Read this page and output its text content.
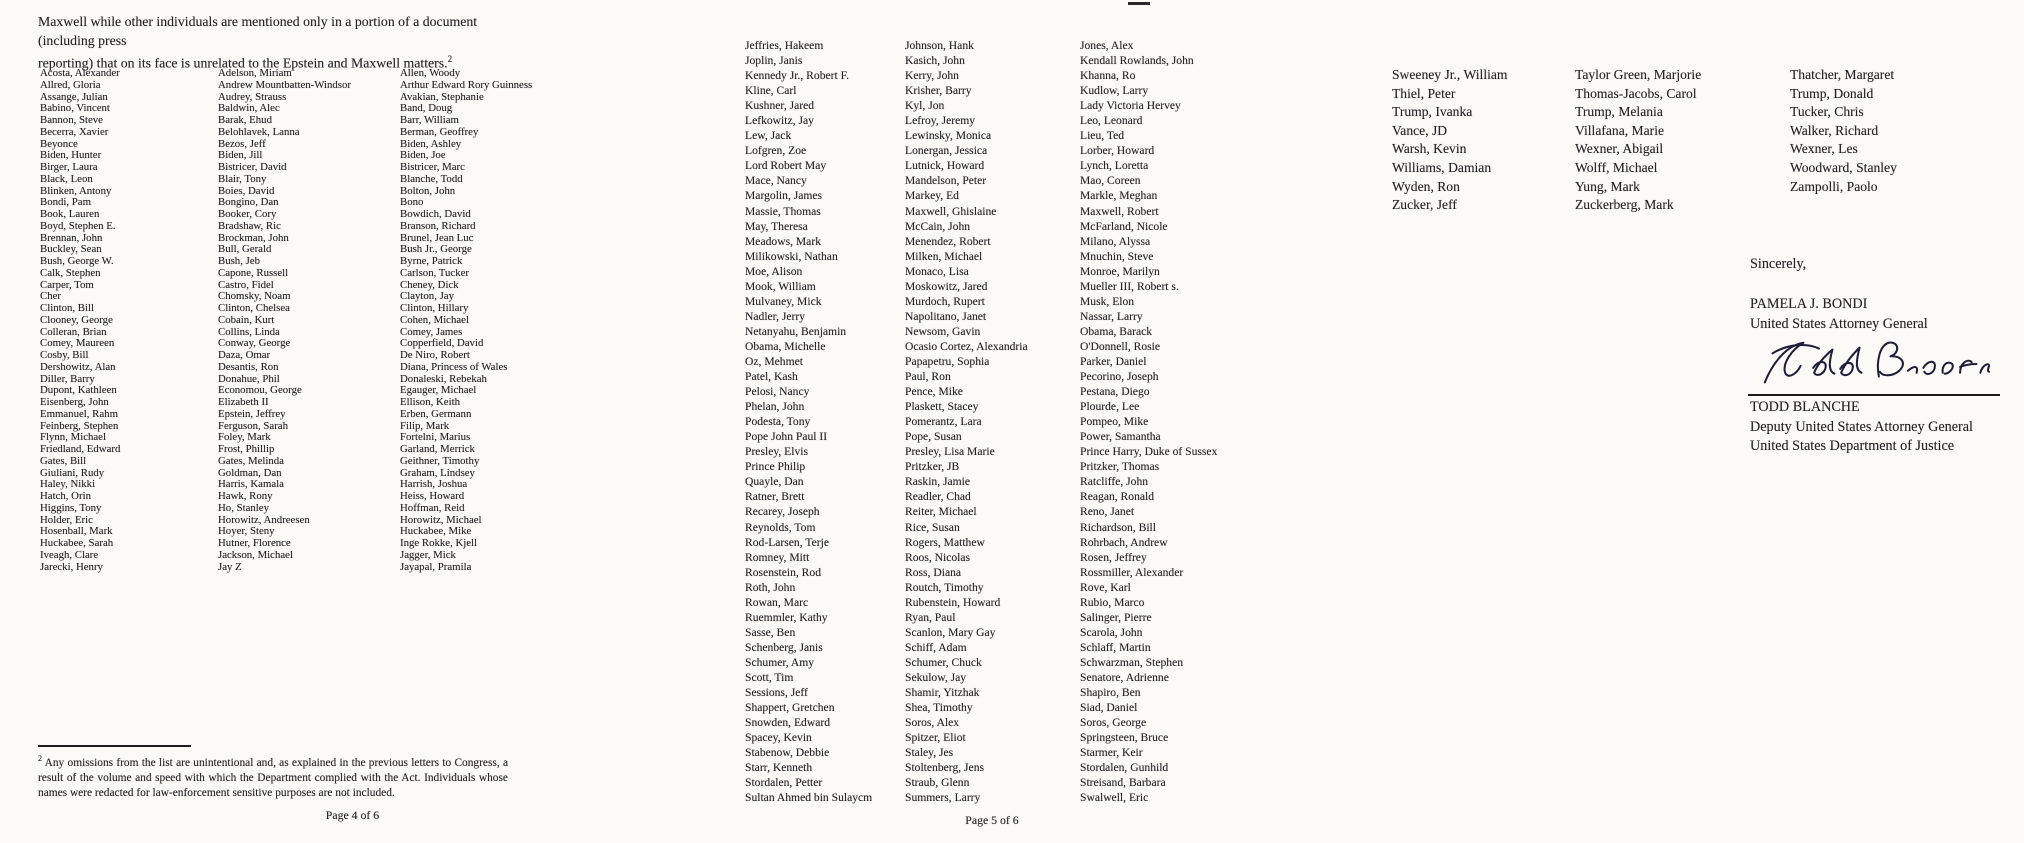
Maxwell while other individuals are mentioned only in a portion of a document (including press
reporting) that on its face is unrelated to the Epstein and Maxwell matters.$^2$
Acosta, Alexander
Allred, Gloria
Assange, Julian
Babino, Vincent
Bannon, Steve
Becerra, Xavier
Beyonce
Biden, Hunter
Birger, Laura
Black, Leon
Blinken, Antony
Bondi, Pam
Book, Lauren
Boyd, Stephen E.
Brennan, John
Buckley, Sean
Bush, George W.
Calk, Stephen
Carper, Tom
Cher
Clinton, Bill
Clooney, George
Colleran, Brian
Comey, Maureen
Cosby, Bill
Dershowitz, Alan
Diller, Barry
Dupont, Kathleen
Eisenberg, John
Emmanuel, Rahm
Feinberg, Stephen
Flynn, Michael
Friedland, Edward
Gates, Bill
Giuliani, Rudy
Haley, Nikki
Hatch, Orin
Higgins, Tony
Holder, Eric
Hosenball, Mark
Huckabee, Sarah
Iveagh, Clare
Jarecki, Henry
Adelson, Miriam
Andrew Mountbatten-Windsor
Audrey, Strauss
Baldwin, Alec
Barak, Ehud
Belohlavek, Lanna
Bezos, Jeff
Biden, Jill
Bistricer, David
Blair, Tony
Boies, David
Bongino, Dan
Booker, Cory
Bradshaw, Ric
Brockman, John
Bull, Gerald
Bush, Jeb
Capone, Russell
Castro, Fidel
Chomsky, Noam
Clinton, Chelsea
Cobain, Kurt
Collins, Linda
Conway, George
Daza, Omar
Desantis, Ron
Donahue, Phil
Economou, George
Elizabeth II
Epstein, Jeffrey
Ferguson, Sarah
Foley, Mark
Frost, Phillip
Gates, Melinda
Goldman, Dan
Harris, Kamala
Hawk, Rony
Ho, Stanley
Horowitz, Andreesen
Hoyer, Steny
Hutner, Florence
Jackson, Michael
Jay Z
Allen, Woody
Arthur Edward Rory Guinness
Avakian, Stephanie
Band, Doug
Barr, William
Berman, Geoffrey
Biden, Ashley
Biden, Joe
Bistricer, Marc
Blanche, Todd
Bolton, John
Bono
Bowdich, David
Branson, Richard
Brunel, Jean Luc
Bush Jr., George
Byrne, Patrick
Carlson, Tucker
Cheney, Dick
Clayton, Jay
Clinton, Hillary
Cohen, Michael
Comey, James
Copperfield, David
De Niro, Robert
Diana, Princess of Wales
Donaleski, Rebekah
Egauger, Michael
Ellison, Keith
Erben, Germann
Filip, Mark
Fortelni, Marius
Garland, Merrick
Geithner, Timothy
Graham, Lindsey
Harrish, Joshua
Heiss, Howard
Hoffman, Reid
Horowitz, Michael
Huckabee, Mike
Inge Rokke, Kjell
Jagger, Mick
Jayapal, Pramila
$^2$ Any omissions from the list are unintentional and, as explained in the previous letters to Congress, a result of the volume and speed with which the Department complied with the Act. Individuals whose names were redacted for law-enforcement sensitive purposes are not included.
Page 4 of 6
Jeffries, Hakeem
Joplin, Janis
Kennedy Jr., Robert F.
Kline, Carl
Kushner, Jared
Lefkowitz, Jay
Lew, Jack
Lofgren, Zoe
Lord Robert May
Mace, Nancy
Margolin, James
Massie, Thomas
May, Theresa
Meadows, Mark
Milikowski, Nathan
Moe, Alison
Mook, William
Mulvaney, Mick
Nadler, Jerry
Netanyahu, Benjamin
Obama, Michelle
Oz, Mehmet
Patel, Kash
Pelosi, Nancy
Phelan, John
Podesta, Tony
Pope John Paul II
Presley, Elvis
Prince Philip
Quayle, Dan
Ratner, Brett
Recarey, Joseph
Reynolds, Tom
Rod-Larsen, Terje
Romney, Mitt
Rosenstein, Rod
Roth, John
Rowan, Marc
Ruemmler, Kathy
Sasse, Ben
Schenberg, Janis
Schumer, Amy
Scott, Tim
Sessions, Jeff
Shappert, Gretchen
Snowden, Edward
Spacey, Kevin
Stabenow, Debbie
Starr, Kenneth
Stordalen, Petter
Sultan Ahmed bin Sulaycm
Johnson, Hank
Kasich, John
Kerry, John
Krisher, Barry
Kyl, Jon
Lefroy, Jeremy
Lewinsky, Monica
Lonergan, Jessica
Lutnick, Howard
Mandelson, Peter
Markey, Ed
Maxwell, Ghislaine
McCain, John
Menendez, Robert
Milken, Michael
Monaco, Lisa
Moskowitz, Jared
Murdoch, Rupert
Napolitano, Janet
Newsom, Gavin
Ocasio Cortez, Alexandria
Papapetru, Sophia
Paul, Ron
Pence, Mike
Plaskett, Stacey
Pomerantz, Lara
Pope, Susan
Presley, Lisa Marie
Pritzker, JB
Raskin, Jamie
Readler, Chad
Reiter, Michael
Rice, Susan
Rogers, Matthew
Roos, Nicolas
Ross, Diana
Routch, Timothy
Rubenstein, Howard
Ryan, Paul
Scanlon, Mary Gay
Schiff, Adam
Schumer, Chuck
Sekulow, Jay
Shamir, Yitzhak
Shea, Timothy
Soros, Alex
Spitzer, Eliot
Staley, Jes
Stoltenberg, Jens
Straub, Glenn
Summers, Larry
Jones, Alex
Kendall Rowlands, John
Khanna, Ro
Kudlow, Larry
Lady Victoria Hervey
Leo, Leonard
Lieu, Ted
Lorber, Howard
Lynch, Loretta
Mao, Coreen
Markle, Meghan
Maxwell, Robert
McFarland, Nicole
Milano, Alyssa
Mnuchin, Steve
Monroe, Marilyn
Mueller III, Robert s.
Musk, Elon
Nassar, Larry
Obama, Barack
O'Donnell, Rosie
Parker, Daniel
Pecorino, Joseph
Pestana, Diego
Plourde, Lee
Pompeo, Mike
Power, Samantha
Prince Harry, Duke of Sussex
Pritzker, Thomas
Ratcliffe, John
Reagan, Ronald
Reno, Janet
Richardson, Bill
Rohrbach, Andrew
Rosen, Jeffrey
Rossmiller, Alexander
Rove, Karl
Rubio, Marco
Salinger, Pierre
Scarola, John
Schlaff, Martin
Schwarzman, Stephen
Senatore, Adrienne
Shapiro, Ben
Siad, Daniel
Soros, George
Springsteen, Bruce
Starmer, Keir
Stordalen, Gunhild
Streisand, Barbara
Swalwell, Eric
Sweeney Jr., William
Thiel, Peter
Trump, Ivanka
Vance, JD
Warsh, Kevin
Williams, Damian
Wyden, Ron
Zucker, Jeff
Taylor Green, Marjorie
Thomas-Jacobs, Carol
Trump, Melania
Villafana, Marie
Wexner, Abigail
Wolff, Michael
Yung, Mark
Zuckerberg, Mark
Thatcher, Margaret
Trump, Donald
Tucker, Chris
Walker, Richard
Wexner, Les
Woodward, Stanley
Zampolli, Paolo
Sincerely,
PAMELA J. BONDI
United States Attorney General
TODD BLANCHE
Deputy United States Attorney General
United States Department of Justice
Page 5 of 6
